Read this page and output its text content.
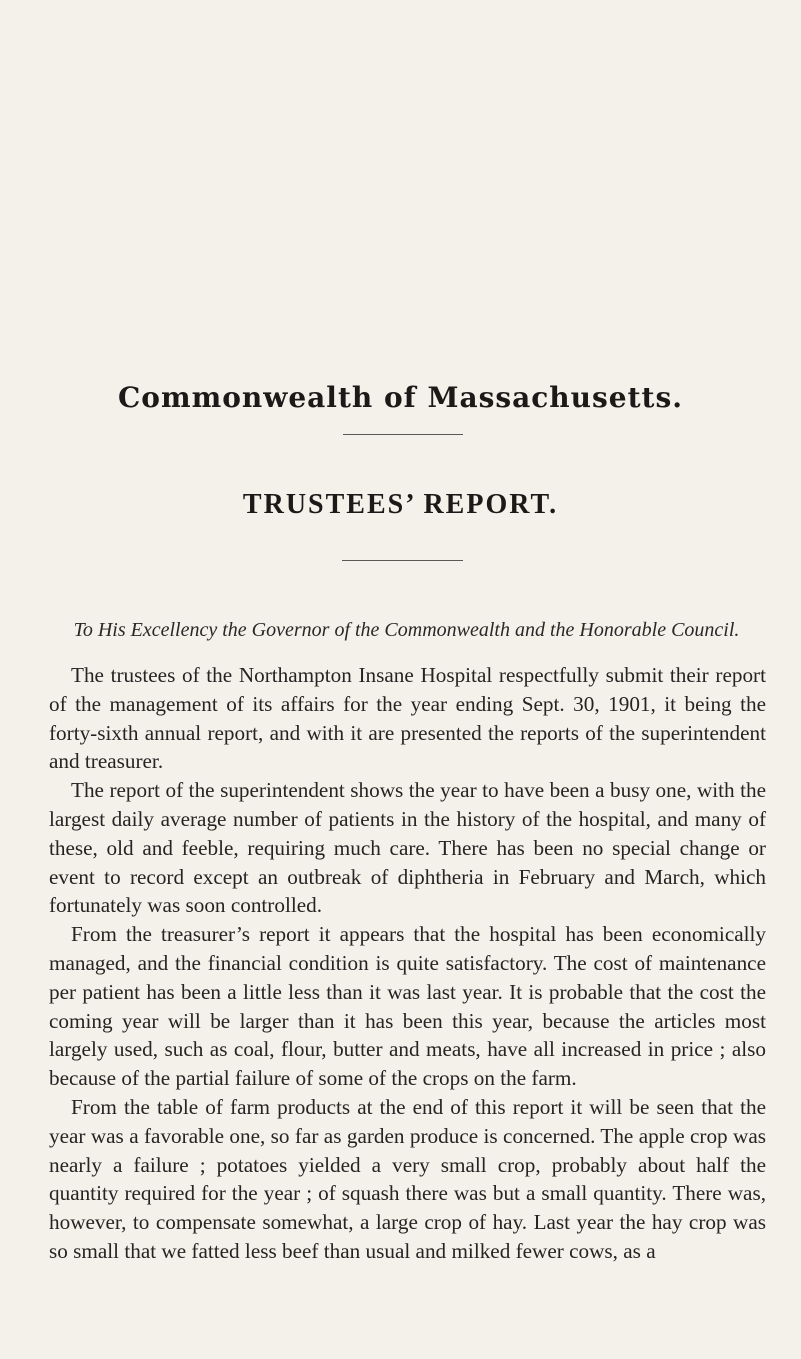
Commonwealth of Massachusetts.
TRUSTEES’ REPORT.
To His Excellency the Governor of the Commonwealth and the Honorable Council.

The trustees of the Northampton Insane Hospital respectfully submit their report of the management of its affairs for the year ending Sept. 30, 1901, it being the forty-sixth annual report, and with it are presented the reports of the superintendent and treasurer.

The report of the superintendent shows the year to have been a busy one, with the largest daily average number of patients in the history of the hospital, and many of these, old and feeble, requiring much care. There has been no special change or event to record except an outbreak of diphtheria in February and March, which fortunately was soon controlled.

From the treasurer’s report it appears that the hospital has been economically managed, and the financial condition is quite satisfactory. The cost of maintenance per patient has been a little less than it was last year. It is probable that the cost the coming year will be larger than it has been this year, because the articles most largely used, such as coal, flour, butter and meats, have all increased in price ; also because of the partial failure of some of the crops on the farm.

From the table of farm products at the end of this report it will be seen that the year was a favorable one, so far as garden produce is concerned. The apple crop was nearly a failure ; potatoes yielded a very small crop, probably about half the quantity required for the year ; of squash there was but a small quantity. There was, however, to compensate somewhat, a large crop of hay. Last year the hay crop was so small that we fatted less beef than usual and milked fewer cows, as a
